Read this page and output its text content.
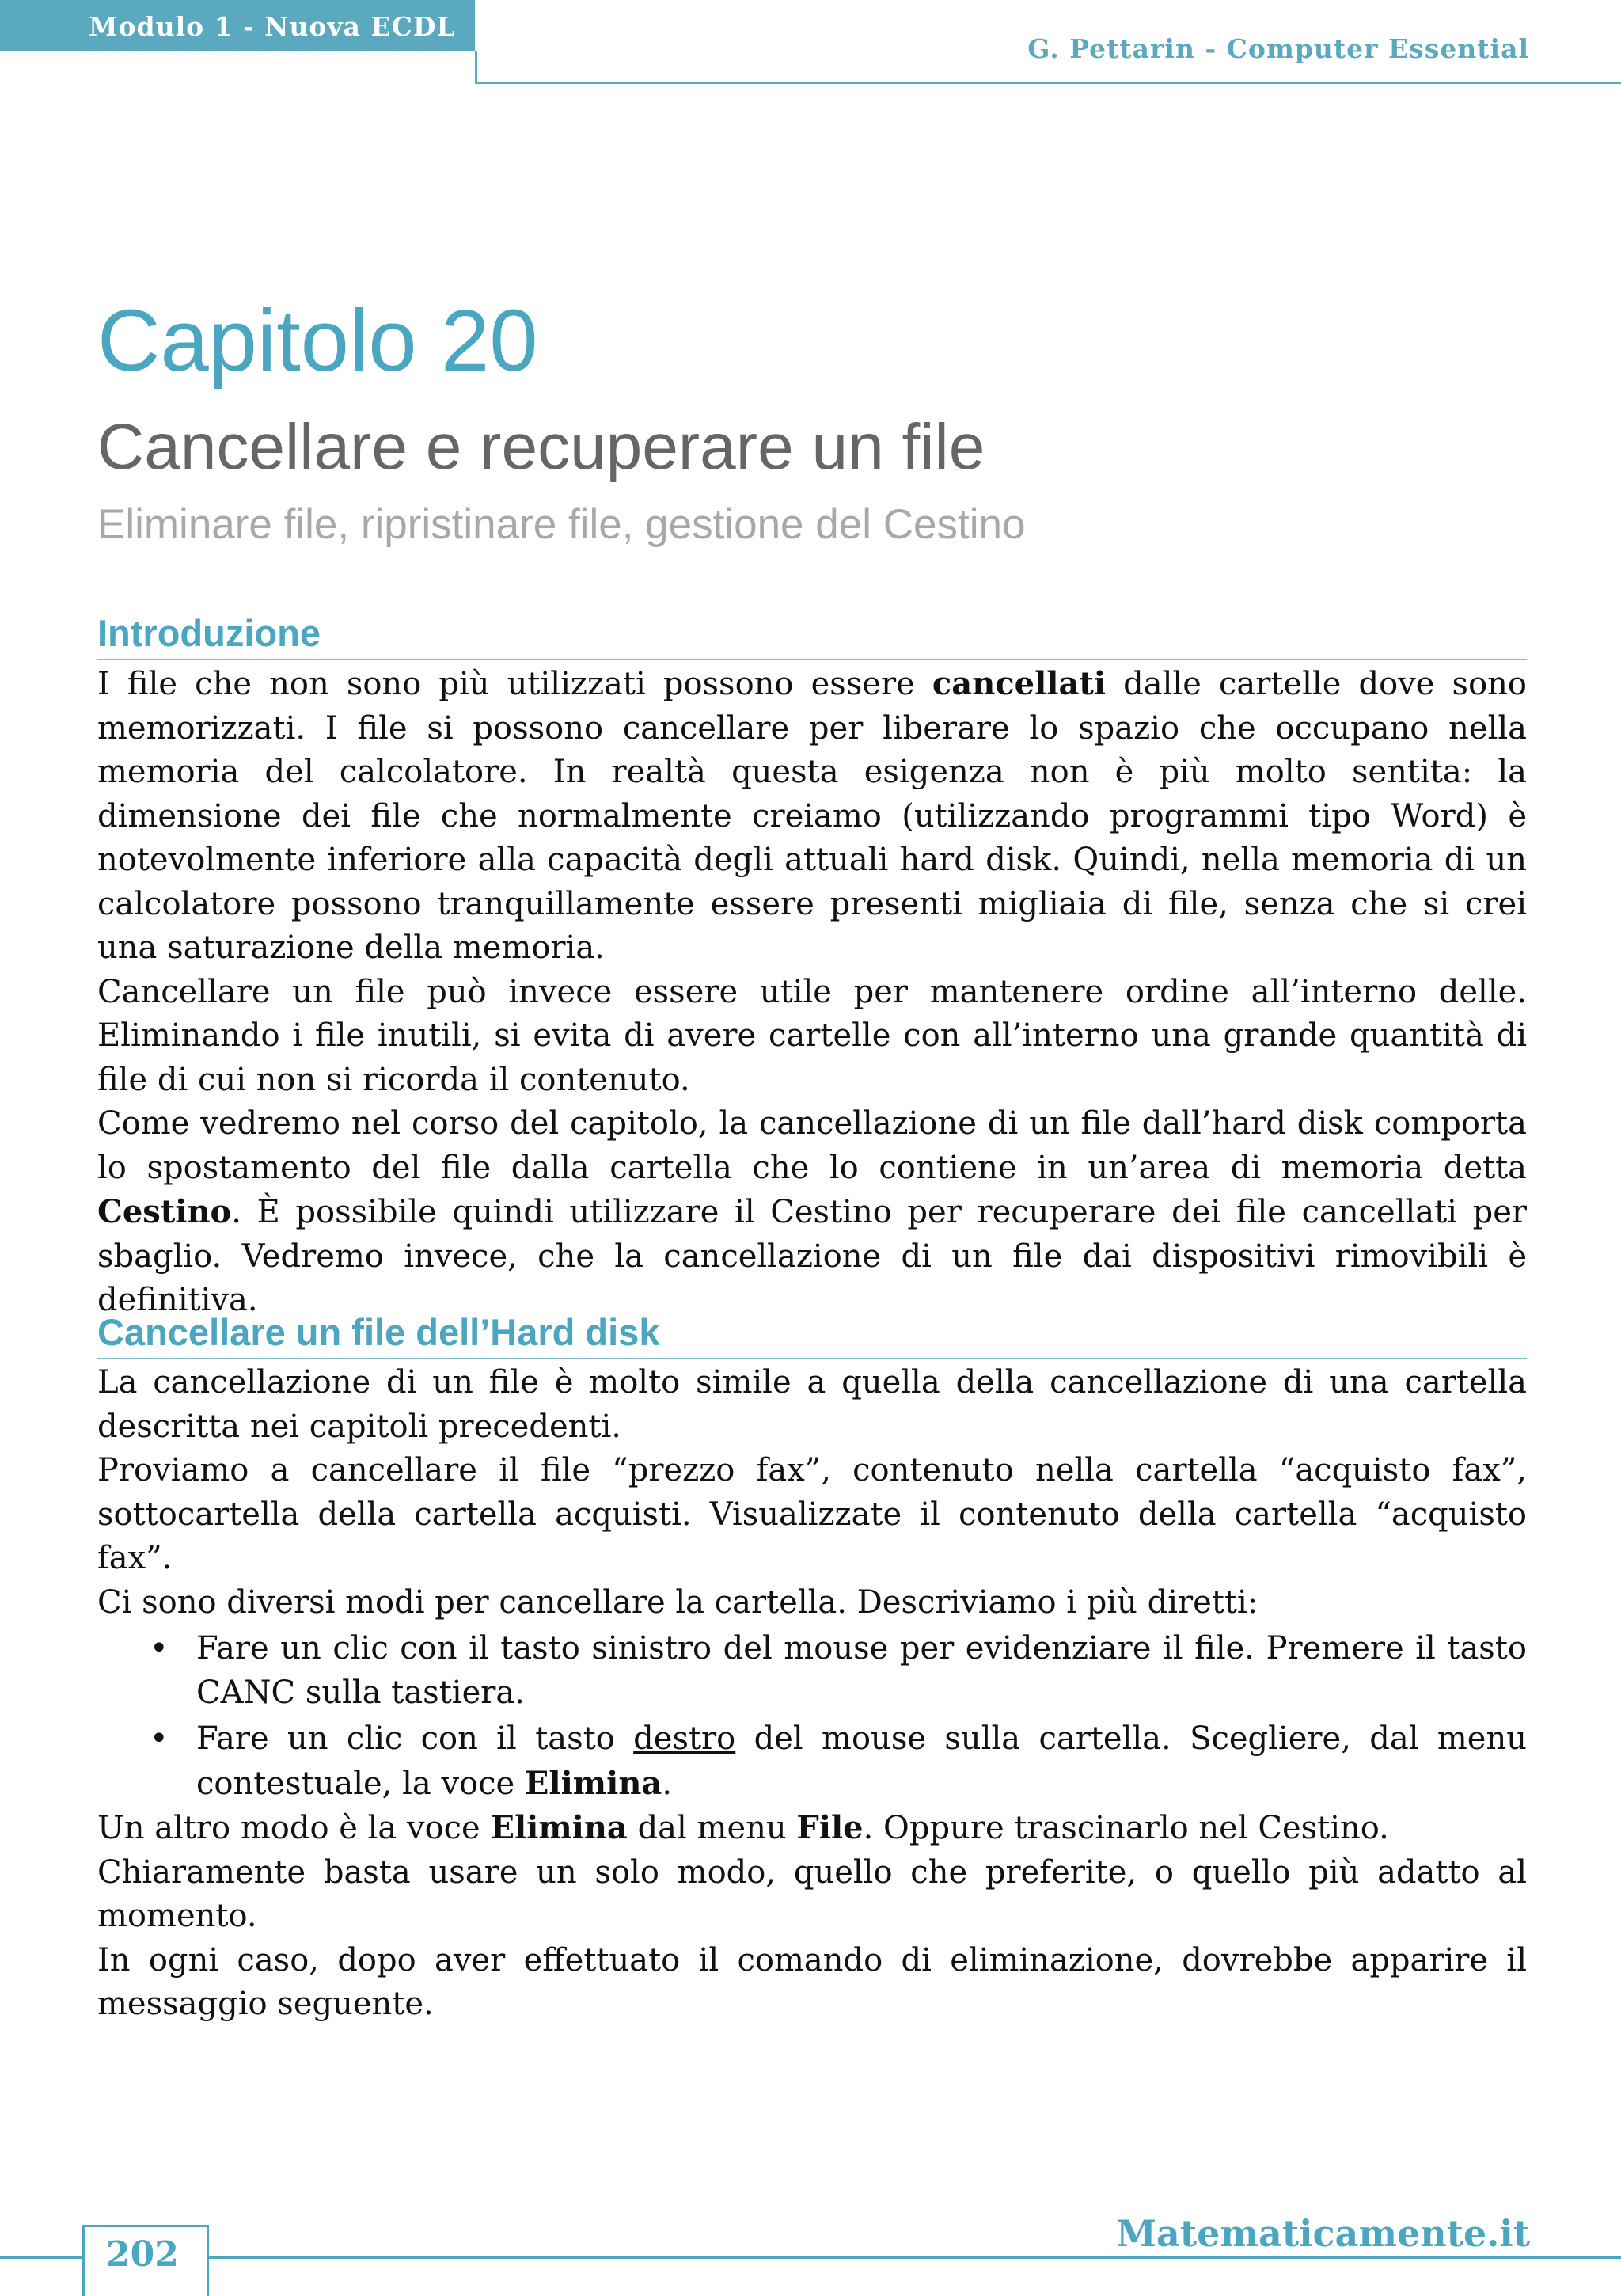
Modulo 1 - Nuova ECDL
G. Pettarin - Computer Essential
Capitolo 20
Cancellare e recuperare un file
Eliminare file, ripristinare file, gestione del Cestino
Introduzione

I file che non sono più utilizzati possono essere cancellati dalle cartelle dove sono memorizzati. I file si possono cancellare per liberare lo spazio che occupano nella memoria del calcolatore. In realtà questa esigenza non è più molto sentita: la dimensione dei file che normalmente creiamo (utilizzando programmi tipo Word) è notevolmente inferiore alla capacità degli attuali hard disk. Quindi, nella memoria di un calcolatore possono tranquillamente essere presenti migliaia di file, senza che si crei una saturazione della memoria.

Cancellare un file può invece essere utile per mantenere ordine all’interno delle. Eliminando i file inutili, si evita di avere cartelle con all’interno una grande quantità di file di cui non si ricorda il contenuto.

Come vedremo nel corso del capitolo, la cancellazione di un file dall’hard disk comporta lo spostamento del file dalla cartella che lo contiene in un’area di memoria detta Cestino. È possibile quindi utilizzare il Cestino per recuperare dei file cancellati per sbaglio. Vedremo invece, che la cancellazione di un file dai dispositivi rimovibili è definitiva.

Cancellare un file dell’Hard disk

La cancellazione di un file è molto simile a quella della cancellazione di una cartella descritta nei capitoli precedenti.

Proviamo a cancellare il file “prezzo fax”, contenuto nella cartella “acquisto fax”, sottocartella della cartella acquisti. Visualizzate il contenuto della cartella “acquisto fax”.

Ci sono diversi modi per cancellare la cartella. Descriviamo i più diretti:

• Fare un clic con il tasto sinistro del mouse per evidenziare il file. Premere il tasto CANC sulla tastiera.
• Fare un clic con il tasto destro del mouse sulla cartella. Scegliere, dal menu contestuale, la voce Elimina.

Un altro modo è la voce Elimina dal menu File. Oppure trascinarlo nel Cestino.

Chiaramente basta usare un solo modo, quello che preferite, o quello più adatto al momento.

In ogni caso, dopo aver effettuato il comando di eliminazione, dovrebbe apparire il messaggio seguente.

202	Matematicamente.it
